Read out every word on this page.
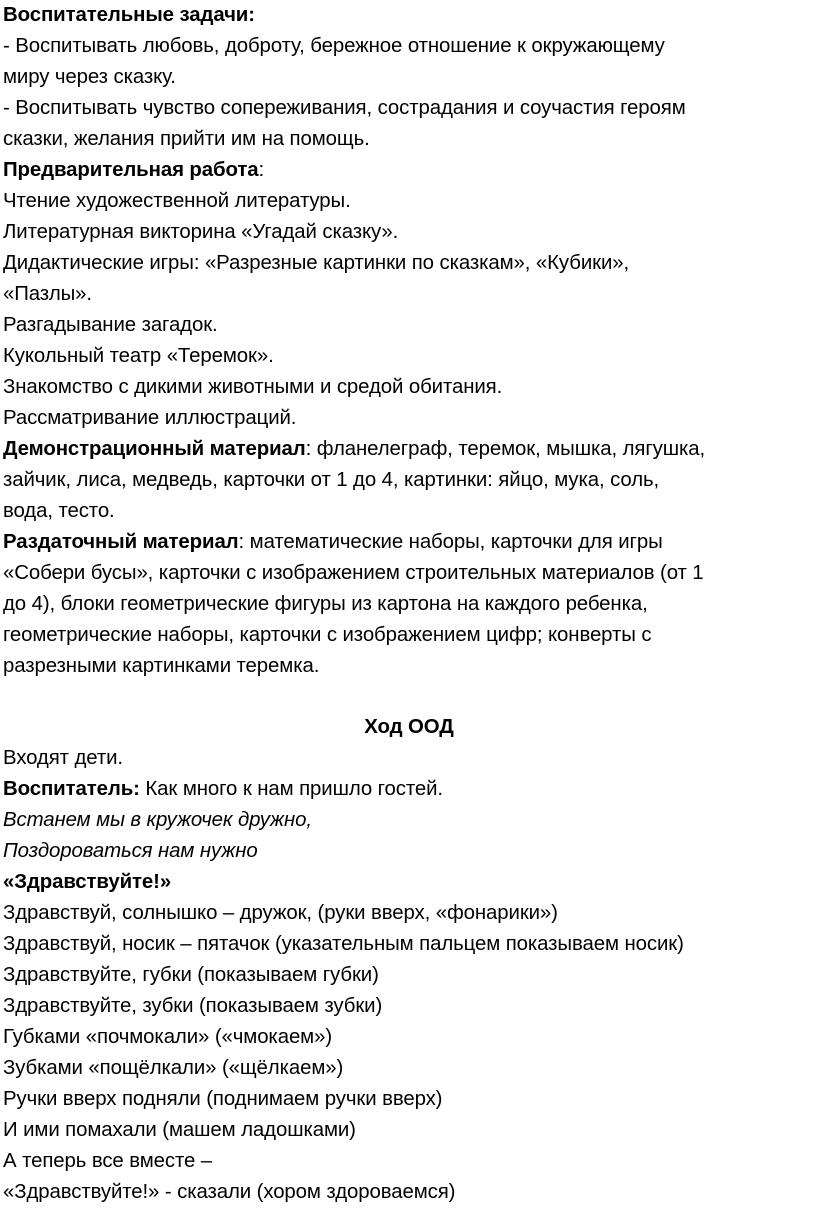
Воспитательные задачи:
- Воспитывать любовь, доброту, бережное отношение к окружающему
миру через сказку.
- Воспитывать чувство сопереживания, сострадания и соучастия героям
сказки, желания прийти им на помощь.
Предварительная работа:
Чтение художественной литературы.
Литературная викторина «Угадай сказку».
Дидактические игры: «Разрезные картинки по сказкам», «Кубики»,
«Пазлы».
Разгадывание загадок.
Кукольный театр «Теремок».
Знакомство с дикими животными и средой обитания.
Рассматривание иллюстраций.
Демонстрационный материал: фланелеграф, теремок, мышка, лягушка,
зайчик, лиса, медведь, карточки от 1 до 4, картинки: яйцо, мука, соль,
вода, тесто.
Раздаточный материал: математические наборы, карточки для игры
«Собери бусы», карточки с изображением строительных материалов (от 1
до 4), блоки геометрические фигуры из картона на каждого ребенка,
геометрические наборы, карточки с изображением цифр; конверты с
разрезными картинками теремка.
Ход ООД
Входят дети.
Воспитатель: Как много к нам пришло гостей.
Встанем мы в кружочек дружно,
Поздороваться нам нужно
«Здравствуйте!»
Здравствуй, солнышко – дружок, (руки вверх, «фонарики»)
Здравствуй, носик – пятачок (указательным пальцем показываем носик)
Здравствуйте, губки (показываем губки)
Здравствуйте, зубки (показываем зубки)
Губками «почмокали» («чмокаем»)
Зубками «пощёлкали» («щёлкаем»)
Ручки вверх подняли (поднимаем ручки вверх)
И ими помахали (машем ладошками)
А теперь все вместе –
«Здравствуйте!» - сказали (хором здороваемся)
